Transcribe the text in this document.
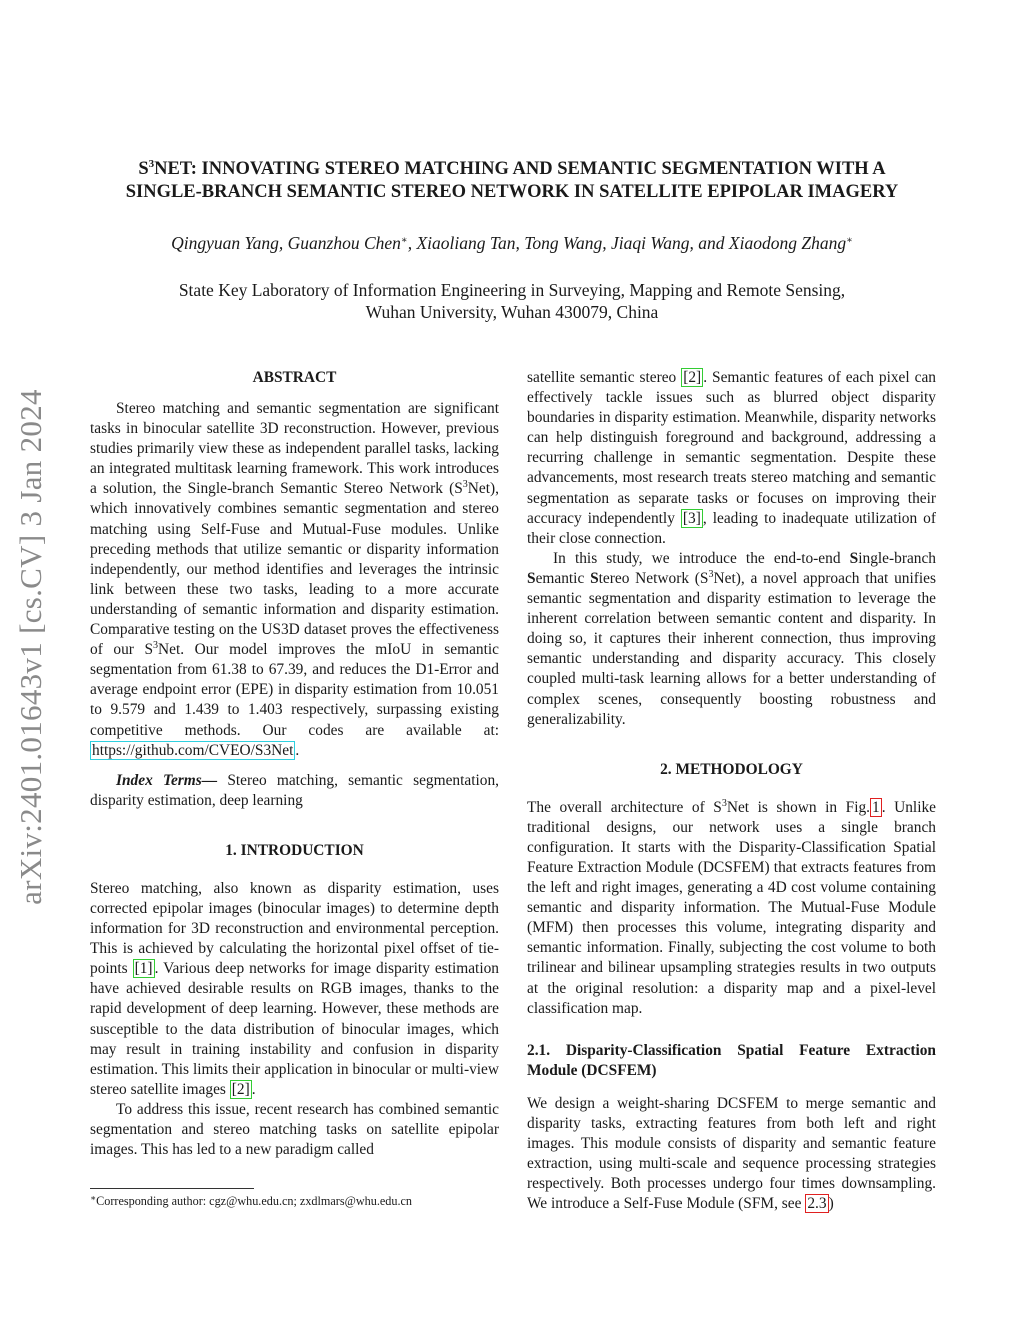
arXiv:2401.01643v1 [cs.CV] 3 Jan 2024
$S^3NET$: INNOVATING STEREO MATCHING AND SEMANTIC SEGMENTATION WITH A
SINGLE-BRANCH SEMANTIC STEREO NETWORK IN SATELLITE EPIPOLAR IMAGERY
Qingyuan Yang, Guanzhou Chen∗, Xiaoliang Tan, Tong Wang, Jiaqi Wang, and Xiaodong Zhang∗
State Key Laboratory of Information Engineering in Surveying, Mapping and Remote Sensing,
Wuhan University, Wuhan 430079, China
ABSTRACT

Stereo matching and semantic segmentation are significant tasks in binocular satellite 3D reconstruction. However, previous studies primarily view these as independent parallel tasks, lacking an integrated multitask learning framework. This work introduces a solution, the Single-branch Semantic Stereo Network $(S^3Net)$, which innovatively combines semantic segmentation and stereo matching using Self-Fuse and Mutual-Fuse modules. Unlike preceding methods that utilize semantic or disparity information independently, our method identifies and leverages the intrinsic link between these two tasks, leading to a more accurate understanding of semantic information and disparity estimation. Comparative testing on the US3D dataset proves the effectiveness of our $S^3Net$. Our model improves the mIoU in semantic segmentation from 61.38 to 67.39, and reduces the D1-Error and average endpoint error (EPE) in disparity estimation from 10.051 to 9.579 and 1.439 to 1.403 respectively, surpassing existing competitive methods. Our codes are available at: https://github.com/CVEO/S3Net .

Index Terms— Stereo matching, semantic segmentation, disparity estimation, deep learning

1. INTRODUCTION

Stereo matching, also known as disparity estimation, uses corrected epipolar images (binocular images) to determine depth information for 3D reconstruction and environmental perception. This is achieved by calculating the horizontal pixel offset of tie-points [1] . Various deep networks for image disparity estimation have achieved desirable results on RGB images, thanks to the rapid development of deep learning. However, these methods are susceptible to the data distribution of binocular images, which may result in training instability and confusion in disparity estimation. This limits their application in binocular or multi-view stereo satellite images [2] .

To address this issue, recent research has combined semantic segmentation and stereo matching tasks on satellite epipolar images. This has led to a new paradigm called

∗Corresponding author: cgz@whu.edu.cn; zxdlmars@whu.edu.cn

satellite semantic stereo [2] . Semantic features of each pixel can effectively tackle issues such as blurred object disparity boundaries in disparity estimation. Meanwhile, disparity networks can help distinguish foreground and background, addressing a recurring challenge in semantic segmentation. Despite these advancements, most research treats stereo matching and semantic segmentation as separate tasks or focuses on improving their accuracy independently [3] , leading to inadequate utilization of their close connection.

In this study, we introduce the end-to-end Single-branch Semantic Stereo Network $(S^3Net)$, a novel approach that unifies semantic segmentation and disparity estimation to leverage the inherent correlation between semantic content and disparity. In doing so, it captures their inherent connection, thus improving semantic understanding and disparity accuracy. This closely coupled multi-task learning allows for a better understanding of complex scenes, consequently boosting robustness and generalizability.

2. METHODOLOGY

The overall architecture of $S^3Net$ is shown in Fig. 1 . Unlike traditional designs, our network uses a single branch configuration. It starts with the Disparity-Classification Spatial Feature Extraction Module (DCSFEM) that extracts features from the left and right images, generating a 4D cost volume containing semantic and disparity information. The Mutual-Fuse Module (MFM) then processes this volume, integrating disparity and semantic information. Finally, subjecting the cost volume to both trilinear and bilinear upsampling strategies results in two outputs at the original resolution: a disparity map and a pixel-level classification map.

2.1. Disparity-Classification Spatial Feature Extraction Module (DCSFEM)

We design a weight-sharing DCSFEM to merge semantic and disparity tasks, extracting features from both left and right images. This module consists of disparity and semantic feature extraction, using multi-scale and sequence processing strategies respectively. Both processes undergo four times downsampling. We introduce a Self-Fuse Module (SFM, see 2.3 )
